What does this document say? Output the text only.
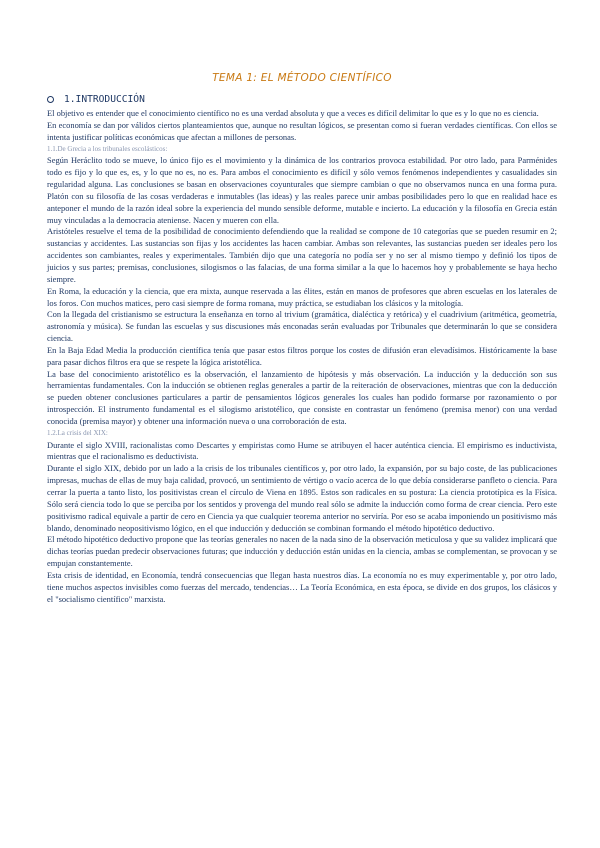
TEMA 1: EL MÉTODO CIENTÍFICO
1.INTRODUCCIÓN

El objetivo es entender que el conocimiento científico no es una verdad absoluta y que a veces es difícil delimitar lo que es y lo que no es ciencia.

En economía se dan por válidos ciertos planteamientos que, aunque no resultan lógicos, se presentan como si fueran verdades científicas. Con ellos se intenta justificar políticas económicas que afectan a millones de personas.

1.1.De Grecia a los tribunales escolásticos:

Según Heráclito todo se mueve, lo único fijo es el movimiento y la dinámica de los contrarios provoca estabilidad. Por otro lado, para Parménides todo es fijo y lo que es, es, y lo que no es, no es. Para ambos el conocimiento es difícil y sólo vemos fenómenos independientes y casualidades sin regularidad alguna. Las conclusiones se basan en observaciones coyunturales que siempre cambian o que no observamos nunca en una forma pura. Platón con su filosofía de las cosas verdaderas e inmutables (las ideas) y las reales parece unir ambas posibilidades pero lo que en realidad hace es anteponer el mundo de la razón ideal sobre la experiencia del mundo sensible deforme, mutable e incierto. La educación y la filosofía en Grecia están muy vinculadas a la democracia ateniense. Nacen y mueren con ella.

Aristóteles resuelve el tema de la posibilidad de conocimiento defendiendo que la realidad se compone de 10 categorías que se pueden resumir en 2; sustancias y accidentes. Las sustancias son fijas y los accidentes las hacen cambiar. Ambas son relevantes, las sustancias pueden ser ideales pero los accidentes son cambiantes, reales y experimentales. También dijo que una categoría no podía ser y no ser al mismo tiempo y definió los tipos de juicios y sus partes; premisas, conclusiones, silogismos o las falacias, de una forma similar a la que lo hacemos hoy y probablemente se haya hecho siempre.

En Roma, la educación y la ciencia, que era mixta, aunque reservada a las élites, están en manos de profesores que abren escuelas en los laterales de los foros. Con muchos matices, pero casi siempre de forma romana, muy práctica, se estudiaban los clásicos y la mitología.

Con la llegada del cristianismo se estructura la enseñanza en torno al trivium (gramática, dialéctica y retórica) y el cuadrivium (aritmética, geometría, astronomía y música). Se fundan las escuelas y sus discusiones más enconadas serán evaluadas por Tribunales que determinarán lo que se considera ciencia.

En la Baja Edad Media la producción científica tenía que pasar estos filtros porque los costes de difusión eran elevadísimos. Históricamente la base para pasar dichos filtros era que se respete la lógica aristotélica.

La base del conocimiento aristotélico es la observación, el lanzamiento de hipótesis y más observación. La inducción y la deducción son sus herramientas fundamentales. Con la inducción se obtienen reglas generales a partir de la reiteración de observaciones, mientras que con la deducción se pueden obtener conclusiones particulares a partir de pensamientos lógicos generales los cuales han podido formarse por razonamiento o por introspección. El instrumento fundamental es el silogismo aristotélico, que consiste en contrastar un fenómeno (premisa menor) con una verdad conocida (premisa mayor) y obtener una información nueva o una corroboración de esta.

1.2.La crisis del XIX:

Durante el siglo XVIII, racionalistas como Descartes y empiristas como Hume se atribuyen el hacer auténtica ciencia. El empirismo es inductivista, mientras que el racionalismo es deductivista.

Durante el siglo XIX, debido por un lado a la crisis de los tribunales científicos y, por otro lado, la expansión, por su bajo coste, de las publicaciones impresas, muchas de ellas de muy baja calidad, provocó, un sentimiento de vértigo o vacío acerca de lo que debía considerarse panfleto o ciencia. Para cerrar la puerta a tanto listo, los positivistas crean el círculo de Viena en 1895. Estos son radicales en su postura: La ciencia prototípica es la Física. Sólo será ciencia todo lo que se perciba por los sentidos y provenga del mundo real sólo se admite la inducción como forma de crear ciencia. Pero este positivismo radical equivale a partir de cero en Ciencia ya que cualquier teorema anterior no serviría. Por eso se acaba imponiendo un positivismo más blando, denominado neopositivismo lógico, en el que inducción y deducción se combinan formando el método hipotético deductivo.

El método hipotético deductivo propone que las teorías generales no nacen de la nada sino de la observación meticulosa y que su validez implicará que dichas teorías puedan predecir observaciones futuras; que inducción y deducción están unidas en la ciencia, ambas se complementan, se provocan y se empujan constantemente.

Esta crisis de identidad, en Economía, tendrá consecuencias que llegan hasta nuestros días. La economía no es muy experimentable y, por otro lado, tiene muchos aspectos invisibles como fuerzas del mercado, tendencias… La Teoría Económica, en esta época, se divide en dos grupos, los clásicos y el "socialismo científico" marxista.
